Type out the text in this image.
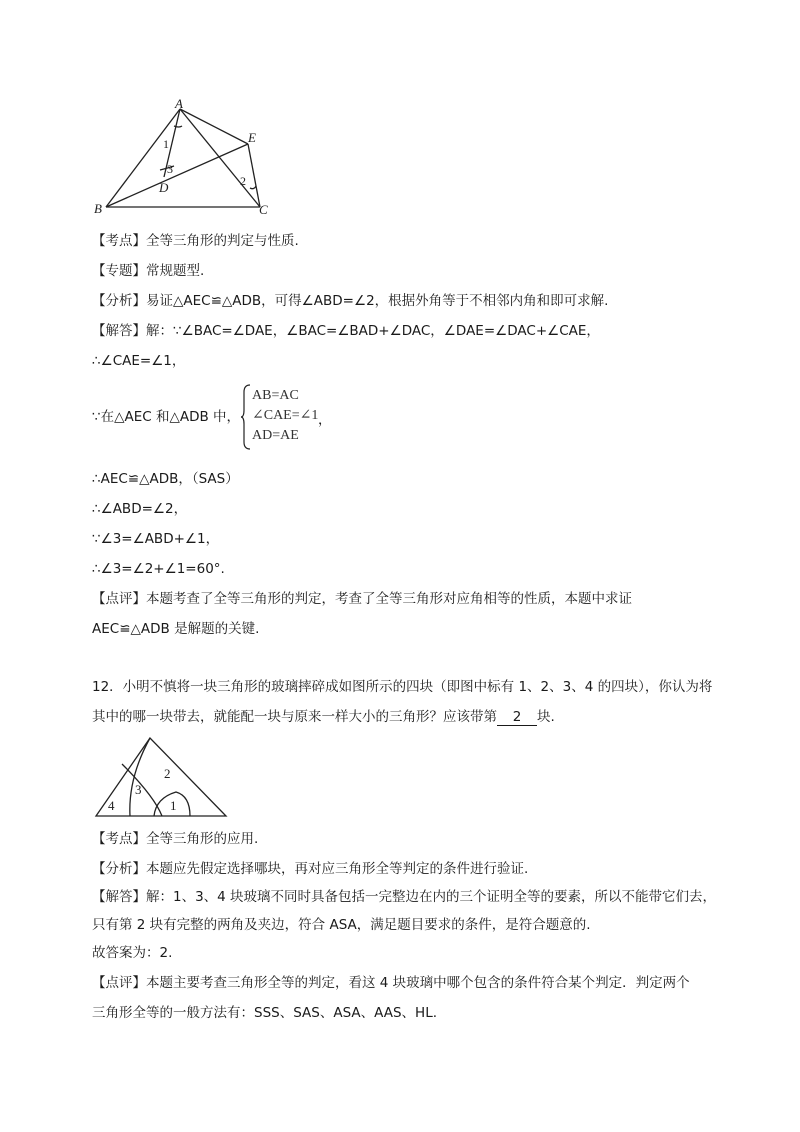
A
B	C
D
E
1
3
2
【考点】全等三角形的判定与性质.
【专题】常规题型.
【分析】易证△AEC≌△ADB，可得∠ABD=∠2，根据外角等于不相邻内角和即可求解.
【解答】解：∵∠BAC=∠DAE，∠BAC=∠BAD+∠DAC，∠DAE=∠DAC+∠CAE，
∴∠CAE=∠1，
∵在△AEC 和△ADB 中，
AB=AC
∠CAE=∠1
AD=AE
，
∴AEC≌△ADB，（SAS）
∴∠ABD=∠2，
∵∠3=∠ABD+∠1，
∴∠3=∠2+∠1=60°.
【点评】本题考查了全等三角形的判定，考查了全等三角形对应角相等的性质，本题中求证
AEC≌△ADB 是解题的关键.
12．小明不慎将一块三角形的玻璃摔碎成如图所示的四块（即图中标有 1、2、3、4 的四块），你认为将
其中的哪一块带去，就能配一块与原来一样大小的三角形？应该带第 2 块.
4
3
2
1
【考点】全等三角形的应用.
【分析】本题应先假定选择哪块，再对应三角形全等判定的条件进行验证.
【解答】解：1、3、4 块玻璃不同时具备包括一完整边在内的三个证明全等的要素，所以不能带它们去，
只有第 2 块有完整的两角及夹边，符合 ASA，满足题目要求的条件，是符合题意的.
故答案为：2.
【点评】本题主要考查三角形全等的判定，看这 4 块玻璃中哪个包含的条件符合某个判定．判定两个
三角形全等的一般方法有：SSS、SAS、ASA、AAS、HL.
